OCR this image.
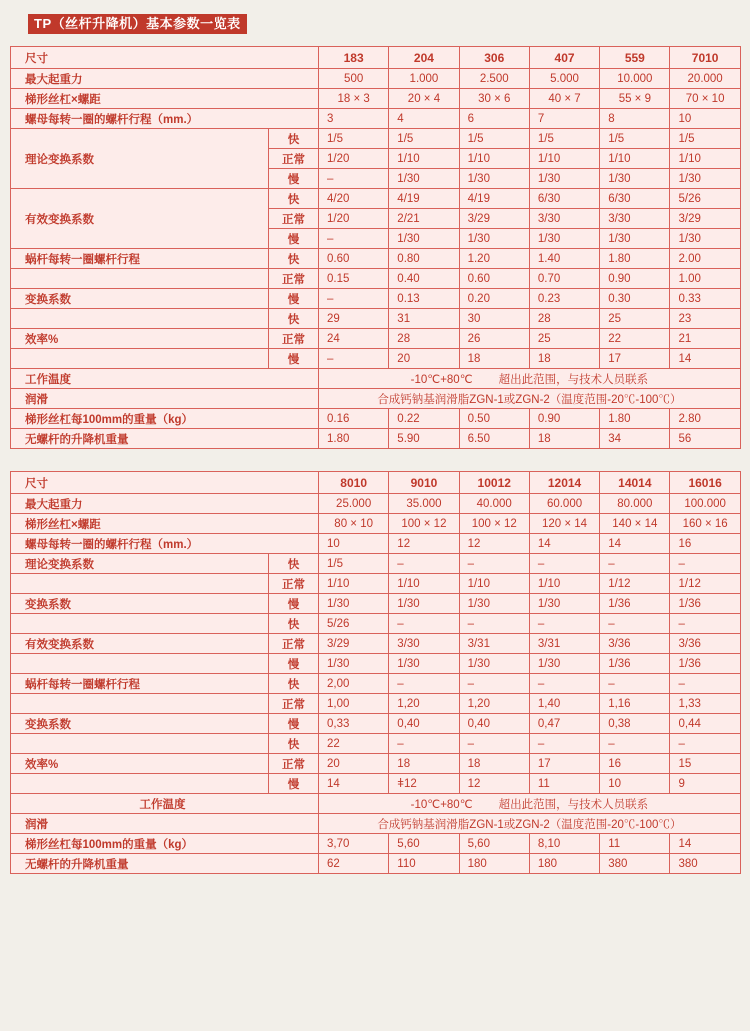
TP（丝杆升降机）基本参数一览表
尺寸		183	204	306	407	559	7010
最大起重力		500	1.000	2.500	5.000	10.000	20.000
梯形丝杠×螺距		18 × 3	20 × 4	30 × 6	40 × 7	55 × 9	70 × 10
螺母每转一圈的螺杆行程（mm.）		3	4	6	7	8	10
理论变换系数	快	1/5	1/5	1/5	1/5	1/5	1/5
	正常	1/20	1/10	1/10	1/10	1/10	1/10
	慢	–	1/30	1/30	1/30	1/30	1/30
有效变换系数	快	4/20	4/19	4/19	6/30	6/30	5/26
	正常	1/20	2/21	3/29	3/30	3/30	3/29
	慢	–	1/30	1/30	1/30	1/30	1/30
蜗杆每转一圈螺杆行程	快	0.60	0.80	1.20	1.40	1.80	2.00
	正常	0.15	0.40	0.60	0.70	0.90	1.00
变换系数	慢	–	0.13	0.20	0.23	0.30	0.33
	快	29	31	30	28	25	23
效率%	正常	24	28	26	25	22	21
	慢	–	20	18	18	17	14
工作温度		-10℃+80℃ 超出此范围，与技术人员联系					
润滑		合成钙钠基润滑脂ZGN-1或ZGN-2（温度范围-20℃-100℃）					
梯形丝杠每100mm的重量（kg）		0.16	0.22	0.50	0.90	1.80	2.80
无螺杆的升降机重量		1.80	5.90	6.50	18	34	56
尺寸		8010	9010	10012	12014	14014	16016
最大起重力		25.000	35.000	40.000	60.000	80.000	100.000
梯形丝杠×螺距		80 × 10	100 × 12	100 × 12	120 × 14	140 × 14	160 × 16
螺母每转一圈的螺杆行程（mm.）		10	12	12	14	14	16
理论变换系数	快	1/5	–	–	–	–	–
	正常	1/10	1/10	1/10	1/10	1/12	1/12
变换系数	慢	1/30	1/30	1/30	1/30	1/36	1/36
	快	5/26	–	–	–	–	–
有效变换系数	正常	3/29	3/30	3/31	3/31	3/36	3/36
	慢	1/30	1/30	1/30	1/30	1/36	1/36
蜗杆每转一圈螺杆行程	快	2,00	–	–	–	–	–
	正常	1,00	1,20	1,20	1,40	1,16	1,33
变换系数	慢	0,33	0,40	0,40	0,47	0,38	0,44
	快	22	–	–	–	–	–
效率%	正常	20	18	18	17	16	15
	慢	14	ǂ12	12	11	10	9
工作温度		-10℃+80℃ 超出此范围，与技术人员联系					
润滑		合成钙钠基润滑脂ZGN-1或ZGN-2（温度范围-20℃-100℃）					
梯形丝杠每100mm的重量（kg）		3,70	5,60	5,60	8,10	11	14
无螺杆的升降机重量		62	110	180	180	380	380
